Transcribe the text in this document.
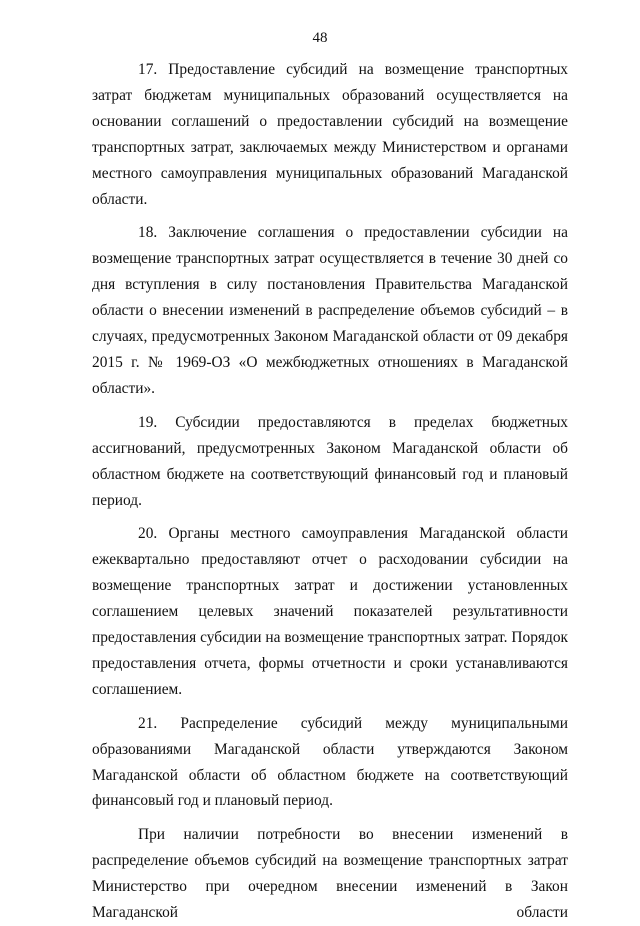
48

17. Предоставление субсидий на возмещение транспортных затрат бюджетам муниципальных образований осуществляется на основании соглашений о предоставлении субсидий на возмещение транспортных затрат, заключаемых между Министерством и органами местного самоуправления муниципальных образований Магаданской области.

18. Заключение соглашения о предоставлении субсидии на возмещение транспортных затрат осуществляется в течение 30 дней со дня вступления в силу постановления Правительства Магаданской области о внесении изменений в распределение объемов субсидий – в случаях, предусмотренных Законом Магаданской области от 09 декабря 2015 г. № 1969-ОЗ «О межбюджетных отношениях в Магаданской области».

19. Субсидии предоставляются в пределах бюджетных ассигнований, предусмотренных Законом Магаданской области об областном бюджете на соответствующий финансовый год и плановый период.

20. Органы местного самоуправления Магаданской области ежеквартально предоставляют отчет о расходовании субсидии на возмещение транспортных затрат и достижении установленных соглашением целевых значений показателей результативности предоставления субсидии на возмещение транспортных затрат. Порядок предоставления отчета, формы отчетности и сроки устанавливаются соглашением.

21. Распределение субсидий между муниципальными образованиями Магаданской области утверждаются Законом Магаданской области об областном бюджете на соответствующий финансовый год и плановый период.

При наличии потребности во внесении изменений в распределение объемов субсидий на возмещение транспортных затрат Министерство при очередном внесении изменений в Закон Магаданской области
